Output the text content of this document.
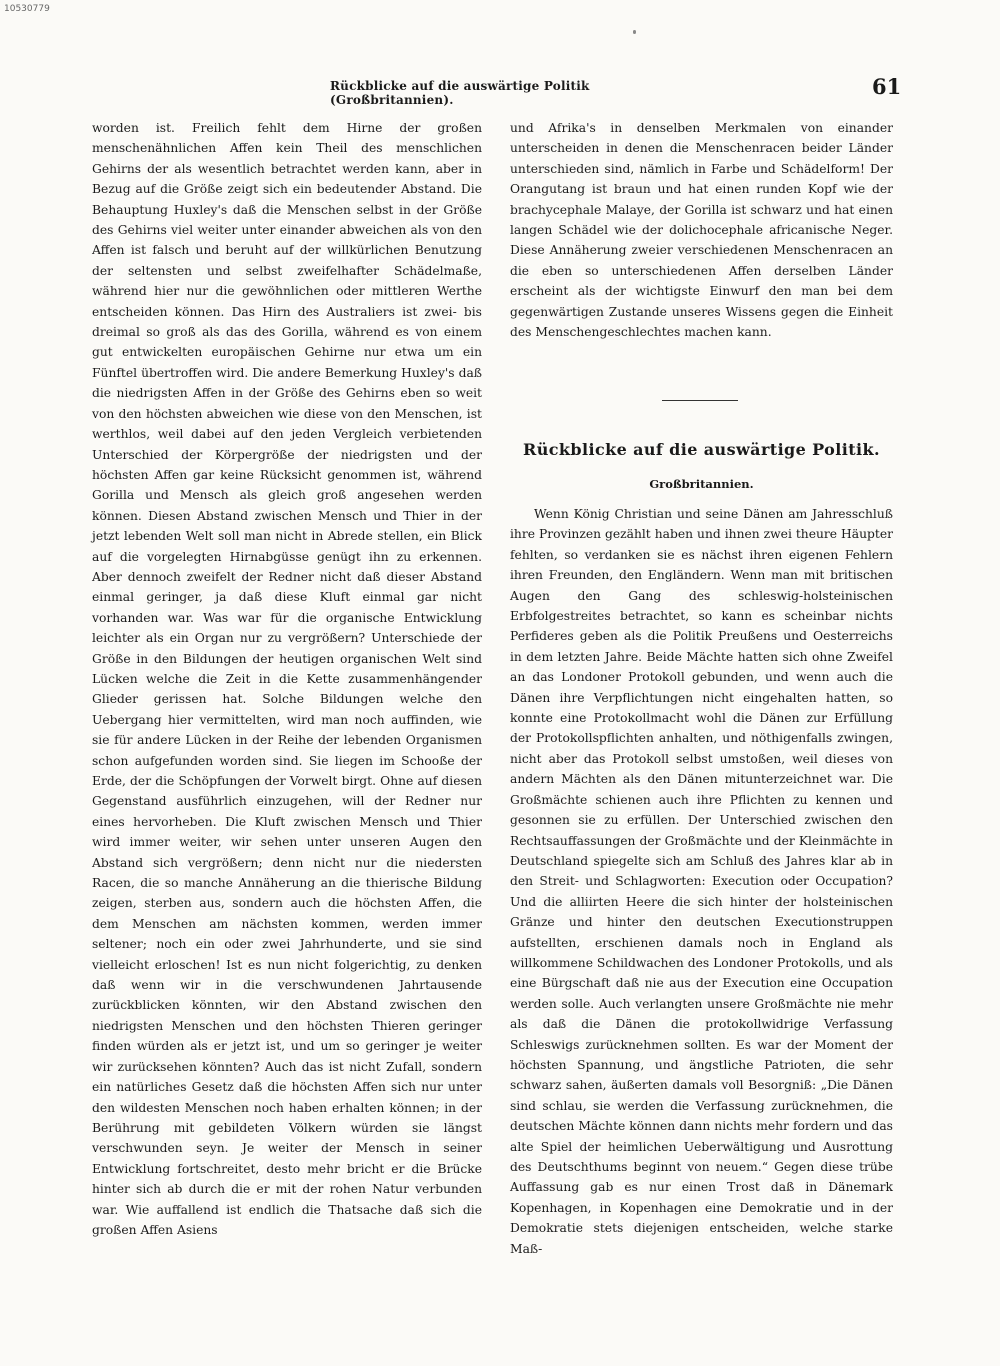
10530779
Rückblicke auf die auswärtige Politik (Großbritannien).
61

worden ist. Freilich fehlt dem Hirne der großen menschenähnlichen Affen kein Theil des menschlichen Gehirns der als wesentlich betrachtet werden kann, aber in Bezug auf die Größe zeigt sich ein bedeutender Abstand. Die Behauptung Huxley's daß die Menschen selbst in der Größe des Gehirns viel weiter unter einander abweichen als von den Affen ist falsch und beruht auf der willkürlichen Benutzung der seltensten und selbst zweifelhafter Schädelmaße, während hier nur die gewöhnlichen oder mittleren Werthe entscheiden können. Das Hirn des Australiers ist zwei- bis dreimal so groß als das des Gorilla, während es von einem gut entwickelten europäischen Gehirne nur etwa um ein Fünftel übertroffen wird. Die andere Bemerkung Huxley's daß die niedrigsten Affen in der Größe des Gehirns eben so weit von den höchsten abweichen wie diese von den Menschen, ist werthlos, weil dabei auf den jeden Vergleich verbietenden Unterschied der Körpergröße der niedrigsten und der höchsten Affen gar keine Rücksicht genommen ist, während Gorilla und Mensch als gleich groß angesehen werden können. Diesen Abstand zwischen Mensch und Thier in der jetzt lebenden Welt soll man nicht in Abrede stellen, ein Blick auf die vorgelegten Hirnabgüsse genügt ihn zu erkennen. Aber dennoch zweifelt der Redner nicht daß dieser Abstand einmal geringer, ja daß diese Kluft einmal gar nicht vorhanden war. Was war für die organische Entwicklung leichter als ein Organ nur zu vergrößern? Unterschiede der Größe in den Bildungen der heutigen organischen Welt sind Lücken welche die Zeit in die Kette zusammenhängender Glieder gerissen hat. Solche Bildungen welche den Uebergang hier vermittelten, wird man noch auffinden, wie sie für andere Lücken in der Reihe der lebenden Organismen schon aufgefunden worden sind. Sie liegen im Schooße der Erde, der die Schöpfungen der Vorwelt birgt. Ohne auf diesen Gegenstand ausführlich einzugehen, will der Redner nur eines hervorheben. Die Kluft zwischen Mensch und Thier wird immer weiter, wir sehen unter unseren Augen den Abstand sich vergrößern; denn nicht nur die niedersten Racen, die so manche Annäherung an die thierische Bildung zeigen, sterben aus, sondern auch die höchsten Affen, die dem Menschen am nächsten kommen, werden immer seltener; noch ein oder zwei Jahrhunderte, und sie sind vielleicht erloschen! Ist es nun nicht folgerichtig, zu denken daß wenn wir in die verschwundenen Jahrtausende zurückblicken könnten, wir den Abstand zwischen den niedrigsten Menschen und den höchsten Thieren geringer finden würden als er jetzt ist, und um so geringer je weiter wir zurücksehen könnten? Auch das ist nicht Zufall, sondern ein natürliches Gesetz daß die höchsten Affen sich nur unter den wildesten Menschen noch haben erhalten können; in der Berührung mit gebildeten Völkern würden sie längst verschwunden seyn. Je weiter der Mensch in seiner Entwicklung fortschreitet, desto mehr bricht er die Brücke hinter sich ab durch die er mit der rohen Natur verbunden war. Wie auffallend ist endlich die Thatsache daß sich die großen Affen Asiens

und Afrika's in denselben Merkmalen von einander unterscheiden in denen die Menschenracen beider Länder unterschieden sind, nämlich in Farbe und Schädelform! Der Orangutang ist braun und hat einen runden Kopf wie der brachycephale Malaye, der Gorilla ist schwarz und hat einen langen Schädel wie der dolichocephale africanische Neger. Diese Annäherung zweier verschiedenen Menschenracen an die eben so unterschiedenen Affen derselben Länder erscheint als der wichtigste Einwurf den man bei dem gegenwärtigen Zustande unseres Wissens gegen die Einheit des Menschengeschlechtes machen kann.

Rückblicke auf die auswärtige Politik.
Großbritannien.

Wenn König Christian und seine Dänen am Jahresschluß ihre Provinzen gezählt haben und ihnen zwei theure Häupter fehlten, so verdanken sie es nächst ihren eigenen Fehlern ihren Freunden, den Engländern. Wenn man mit britischen Augen den Gang des schleswig-holsteinischen Erbfolgestreites betrachtet, so kann es scheinbar nichts Perfideres geben als die Politik Preußens und Oesterreichs in dem letzten Jahre. Beide Mächte hatten sich ohne Zweifel an das Londoner Protokoll gebunden, und wenn auch die Dänen ihre Verpflichtungen nicht eingehalten hatten, so konnte eine Protokollmacht wohl die Dänen zur Erfüllung der Protokollspflichten anhalten, und nöthigenfalls zwingen, nicht aber das Protokoll selbst umstoßen, weil dieses von andern Mächten als den Dänen mitunterzeichnet war. Die Großmächte schienen auch ihre Pflichten zu kennen und gesonnen sie zu erfüllen. Der Unterschied zwischen den Rechtsauffassungen der Großmächte und der Kleinmächte in Deutschland spiegelte sich am Schluß des Jahres klar ab in den Streit- und Schlagworten: Execution oder Occupation? Und die alliirten Heere die sich hinter der holsteinischen Gränze und hinter den deutschen Executionstruppen aufstellten, erschienen damals noch in England als willkommene Schildwachen des Londoner Protokolls, und als eine Bürgschaft daß nie aus der Execution eine Occupation werden solle. Auch verlangten unsere Großmächte nie mehr als daß die Dänen die protokollwidrige Verfassung Schleswigs zurücknehmen sollten. Es war der Moment der höchsten Spannung, und ängstliche Patrioten, die sehr schwarz sahen, äußerten damals voll Besorgniß: „Die Dänen sind schlau, sie werden die Verfassung zurücknehmen, die deutschen Mächte können dann nichts mehr fordern und das alte Spiel der heimlichen Ueberwältigung und Ausrottung des Deutschthums beginnt von neuem.“ Gegen diese trübe Auffassung gab es nur einen Trost daß in Dänemark Kopenhagen, in Kopenhagen eine Demokratie und in der Demokratie stets diejenigen entscheiden, welche starke Maß-
